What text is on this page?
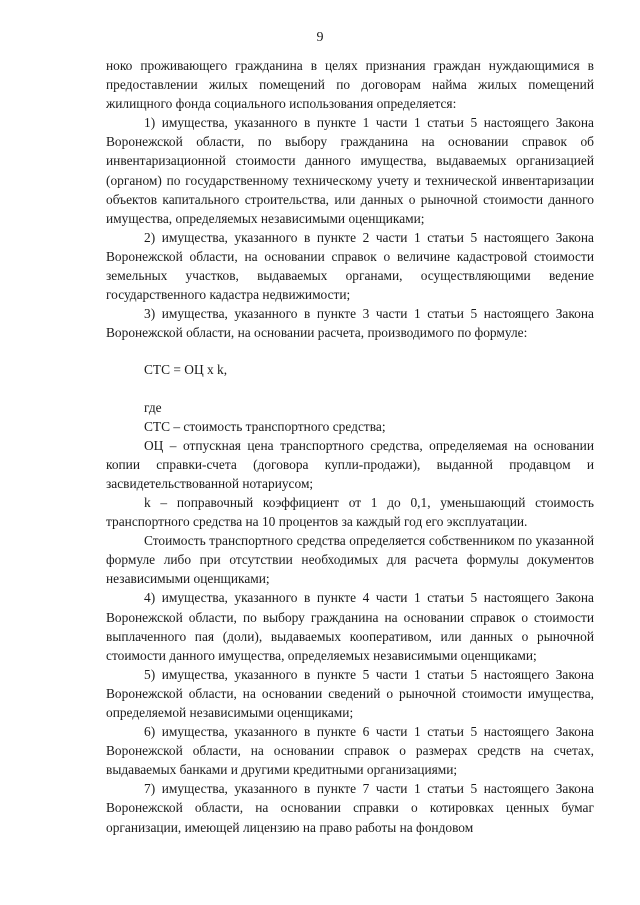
9

ноко проживающего гражданина в целях признания граждан нуждающимися в предоставлении жилых помещений по договорам найма жилых помещений жилищного фонда социального использования определяется:

1) имущества, указанного в пункте 1 части 1 статьи 5 настоящего Закона Воронежской области, по выбору гражданина на основании справок об инвентаризационной стоимости данного имущества, выдаваемых организацией (органом) по государственному техническому учету и технической инвентаризации объектов капитального строительства, или данных о рыночной стоимости данного имущества, определяемых независимыми оценщиками;

2) имущества, указанного в пункте 2 части 1 статьи 5 настоящего Закона Воронежской области, на основании справок о величине кадастровой стоимости земельных участков, выдаваемых органами, осуществляющими ведение государственного кадастра недвижимости;

3) имущества, указанного в пункте 3 части 1 статьи 5 настоящего Закона Воронежской области, на основании расчета, производимого по формуле:

СТС = ОЦ х k,

где

СТС – стоимость транспортного средства;

ОЦ – отпускная цена транспортного средства, определяемая на основании копии справки-счета (договора купли-продажи), выданной продавцом и засвидетельствованной нотариусом;

k – поправочный коэффициент от 1 до 0,1, уменьшающий стоимость транспортного средства на 10 процентов за каждый год его эксплуатации.

Стоимость транспортного средства определяется собственником по указанной формуле либо при отсутствии необходимых для расчета формулы документов независимыми оценщиками;

4) имущества, указанного в пункте 4 части 1 статьи 5 настоящего Закона Воронежской области, по выбору гражданина на основании справок о стоимости выплаченного пая (доли), выдаваемых кооперативом, или данных о рыночной стоимости данного имущества, определяемых независимыми оценщиками;

5) имущества, указанного в пункте 5 части 1 статьи 5 настоящего Закона Воронежской области, на основании сведений о рыночной стоимости имущества, определяемой независимыми оценщиками;

6) имущества, указанного в пункте 6 части 1 статьи 5 настоящего Закона Воронежской области, на основании справок о размерах средств на счетах, выдаваемых банками и другими кредитными организациями;

7) имущества, указанного в пункте 7 части 1 статьи 5 настоящего Закона Воронежской области, на основании справки о котировках ценных бумаг организации, имеющей лицензию на право работы на фондовом
